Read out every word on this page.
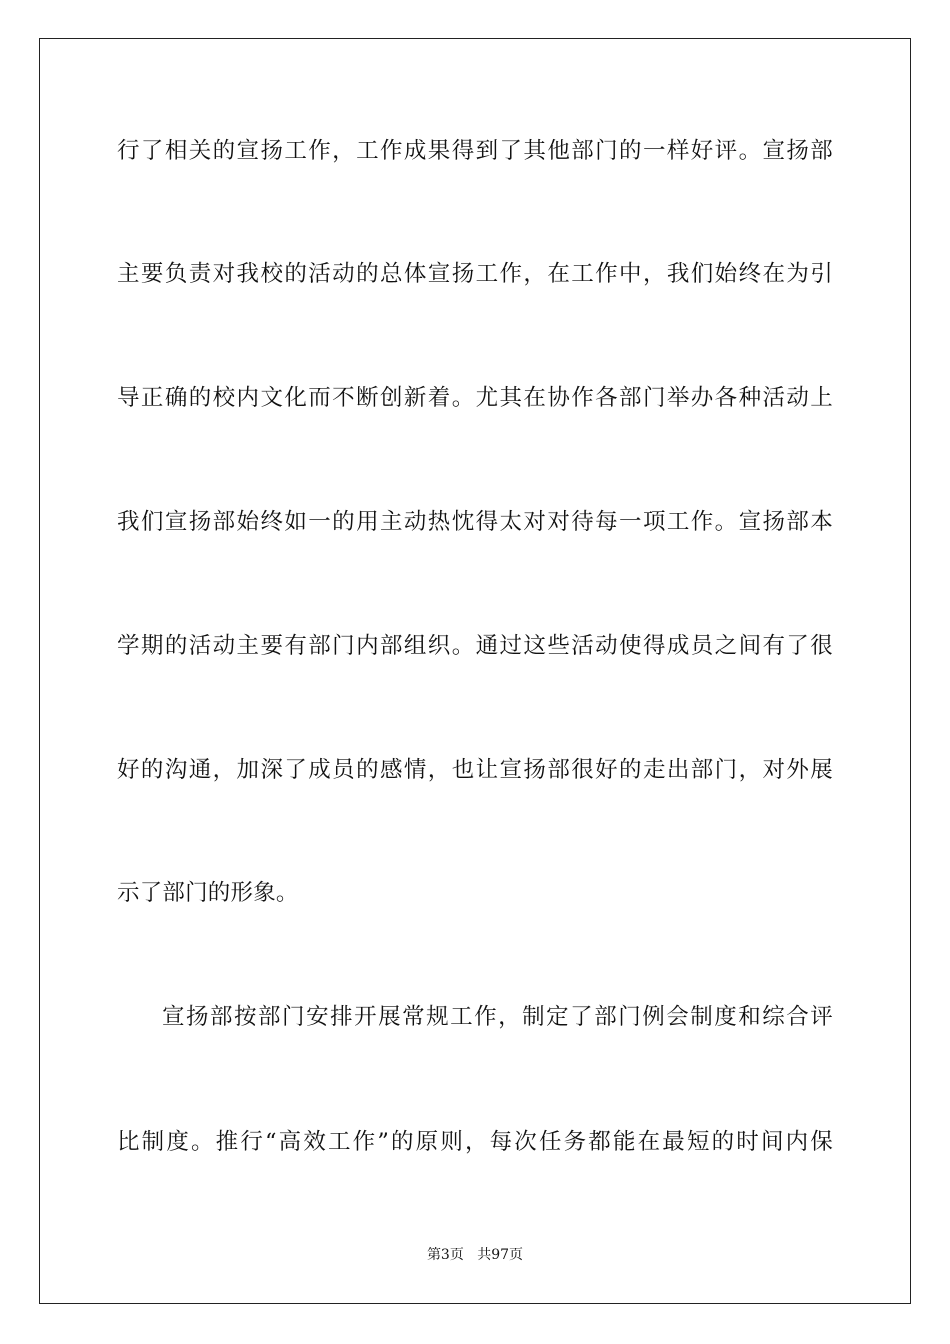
行了相关的宣扬工作，工作成果得到了其他部门的一样好评。宣扬部
主要负责对我校的活动的总体宣扬工作，在工作中，我们始终在为引
导正确的校内文化而不断创新着。尤其在协作各部门举办各种活动上
我们宣扬部始终如一的用主动热忱得太对对待每一项工作。宣扬部本
学期的活动主要有部门内部组织。通过这些活动使得成员之间有了很
好的沟通，加深了成员的感情，也让宣扬部很好的走出部门，对外展
示了部门的形象。
宣扬部按部门安排开展常规工作，制定了部门例会制度和综合评
比制度。推行“高效工作”的原则，每次任务都能在最短的时间内保
第3页 共97页
